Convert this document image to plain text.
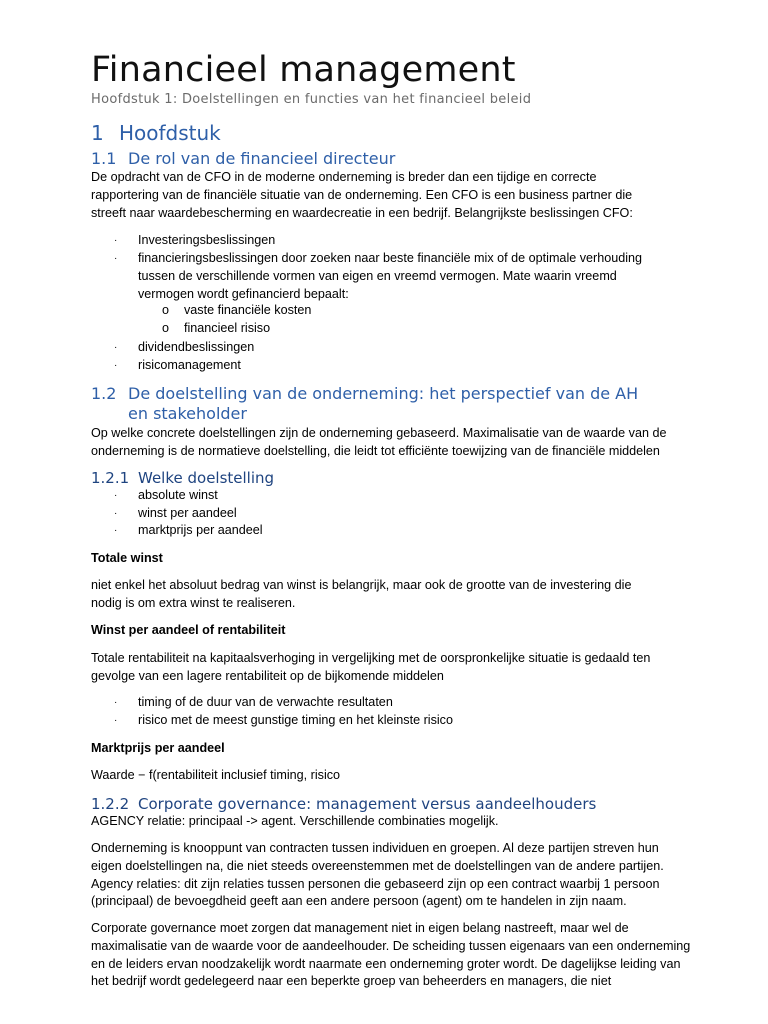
Financieel management
Hoofdstuk 1: Doelstellingen en functies van het financieel beleid
1 Hoofdstuk
1.1 De rol van de financieel directeur
De opdracht van de CFO in de moderne onderneming is breder dan een tijdige en correcte
rapportering van de financiële situatie van de onderneming. Een CFO is een business partner die
streeft naar waardebescherming en waardecreatie in een bedrijf. Belangrijkste beslissingen CFO:
· Investeringsbeslissingen
· financieringsbeslissingen door zoeken naar beste financiële mix of de optimale verhouding
tussen de verschillende vormen van eigen en vreemd vermogen. Mate waarin vreemd
vermogen wordt gefinancierd bepaalt:
o vaste financiële kosten
o financieel risiso
· dividendbeslissingen
· risicomanagement
1.2 De doelstelling van de onderneming: het perspectief van de AH
en stakeholder
Op welke concrete doelstellingen zijn de onderneming gebaseerd. Maximalisatie van de waarde van de
onderneming is de normatieve doelstelling, die leidt tot efficiënte toewijzing van de financiële middelen
1.2.1 Welke doelstelling
· absolute winst
· winst per aandeel
· marktprijs per aandeel
Totale winst
niet enkel het absoluut bedrag van winst is belangrijk, maar ook de grootte van de investering die
nodig is om extra winst te realiseren.
Winst per aandeel of rentabiliteit
Totale rentabiliteit na kapitaalsverhoging in vergelijking met de oorspronkelijke situatie is gedaald ten
gevolge van een lagere rentabiliteit op de bijkomende middelen
· timing of de duur van de verwachte resultaten
· risico met de meest gunstige timing en het kleinste risico
Marktprijs per aandeel
Waarde − f(rentabiliteit inclusief timing, risico
1.2.2 Corporate governance: management versus aandeelhouders
AGENCY relatie: principaal -> agent. Verschillende combinaties mogelijk.
Onderneming is knooppunt van contracten tussen individuen en groepen. Al deze partijen streven hun
eigen doelstellingen na, die niet steeds overeenstemmen met de doelstellingen van de andere partijen.
Agency relaties: dit zijn relaties tussen personen die gebaseerd zijn op een contract waarbij 1 persoon
(principaal) de bevoegdheid geeft aan een andere persoon (agent) om te handelen in zijn naam.
Corporate governance moet zorgen dat management niet in eigen belang nastreeft, maar wel de
maximalisatie van de waarde voor de aandeelhouder. De scheiding tussen eigenaars van een onderneming
en de leiders ervan noodzakelijk wordt naarmate een onderneming groter wordt. De dagelijkse leiding van
het bedrijf wordt gedelegeerd naar een beperkte groep van beheerders en managers, die niet
